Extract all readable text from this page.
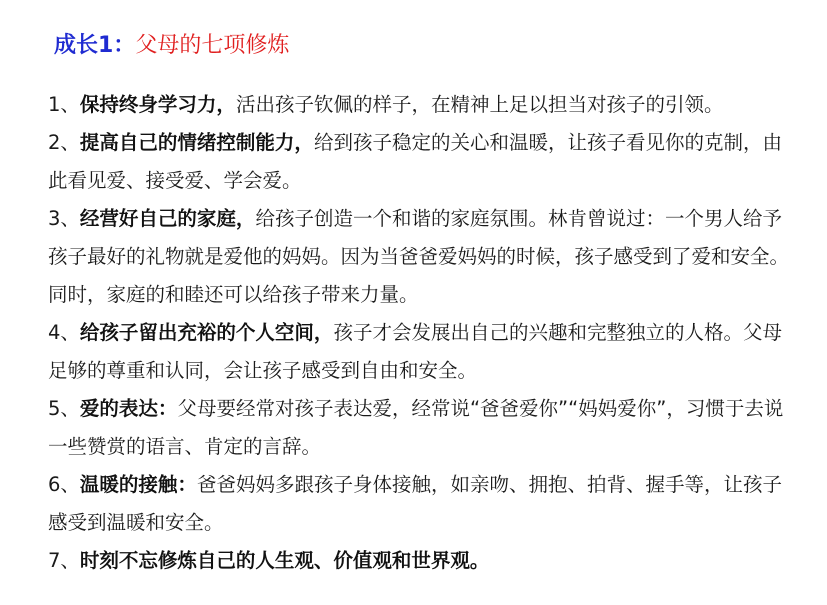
成长1：父母的七项修炼
1、保持终身学习力，活出孩子钦佩的样子，在精神上足以担当对孩子的引领。
2、提高自己的情绪控制能力，给到孩子稳定的关心和温暖，让孩子看见你的克制，由此看见爱、接受爱、学会爱。
3、经营好自己的家庭，给孩子创造一个和谐的家庭氛围。林肯曾说过：一个男人给予孩子最好的礼物就是爱他的妈妈。因为当爸爸爱妈妈的时候，孩子感受到了爱和安全。同时，家庭的和睦还可以给孩子带来力量。
4、给孩子留出充裕的个人空间，孩子才会发展出自己的兴趣和完整独立的人格。父母足够的尊重和认同，会让孩子感受到自由和安全。
5、爱的表达：父母要经常对孩子表达爱，经常说“爸爸爱你”“妈妈爱你”，习惯于去说一些赞赏的语言、肯定的言辞。
6、温暖的接触：爸爸妈妈多跟孩子身体接触，如亲吻、拥抱、拍背、握手等，让孩子感受到温暖和安全。
7、时刻不忘修炼自己的人生观、价值观和世界观。
